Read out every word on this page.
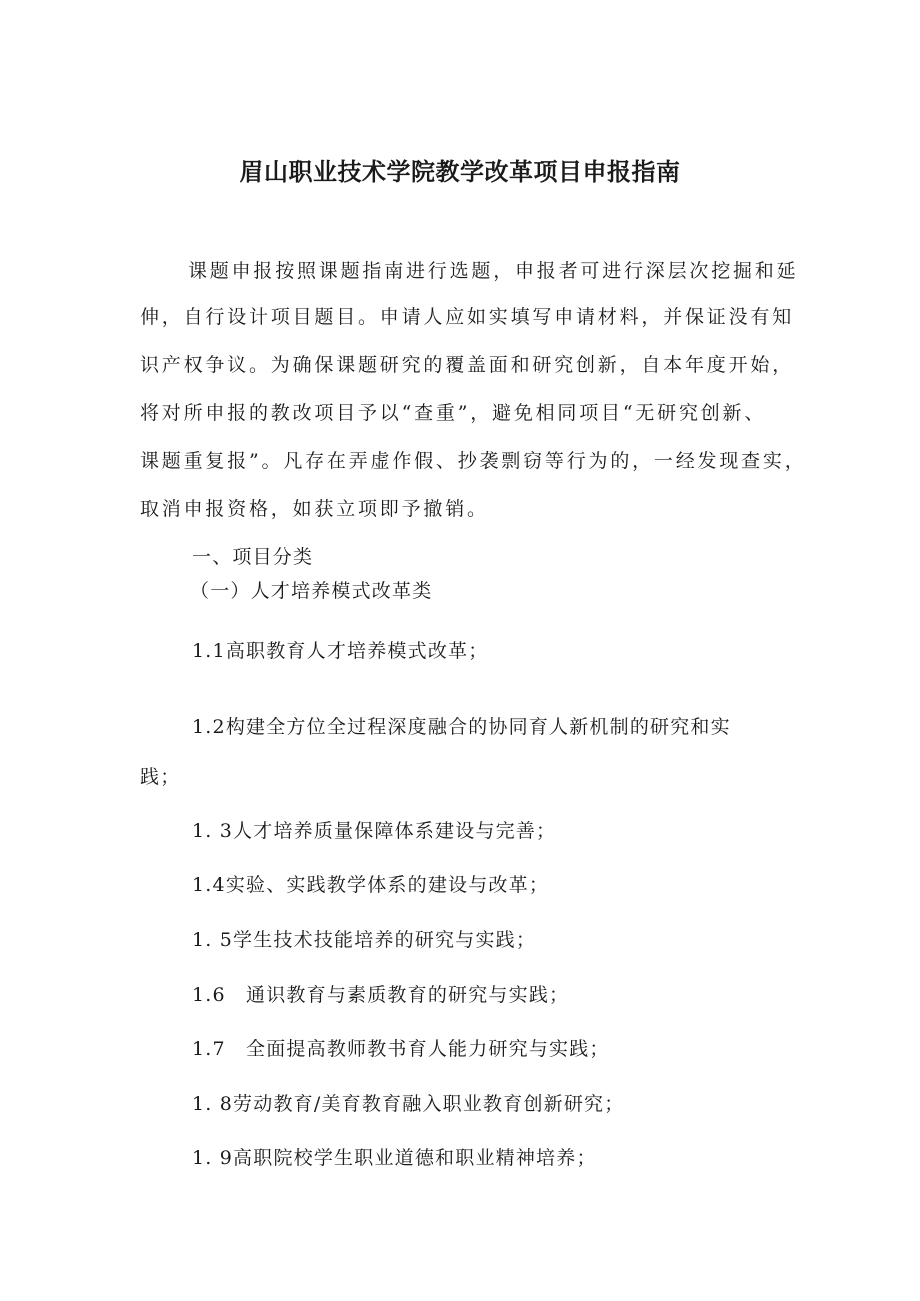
眉山职业技术学院教学改革项目申报指南

课题申报按照课题指南进行选题，申报者可进行深层次挖掘和延

伸，自行设计项目题目。申请人应如实填写申请材料，并保证没有知

识产权争议。为确保课题研究的覆盖面和研究创新，自本年度开始，

将对所申报的教改项目予以“查重”，避免相同项目“无研究创新、

课题重复报”。凡存在弄虚作假、抄袭剽窃等行为的，一经发现查实，

取消申报资格，如获立项即予撤销。

一、项目分类

（一）人才培养模式改革类

1.1高职教育人才培养模式改革；

1.2构建全方位全过程深度融合的协同育人新机制的研究和实

践；

1. 3人才培养质量保障体系建设与完善；

1.4实验、实践教学体系的建设与改革；

1. 5学生技术技能培养的研究与实践；

1.6　通识教育与素质教育的研究与实践；

1.7　全面提高教师教书育人能力研究与实践；

1. 8劳动教育/美育教育融入职业教育创新研究；

1. 9高职院校学生职业道德和职业精神培养；
